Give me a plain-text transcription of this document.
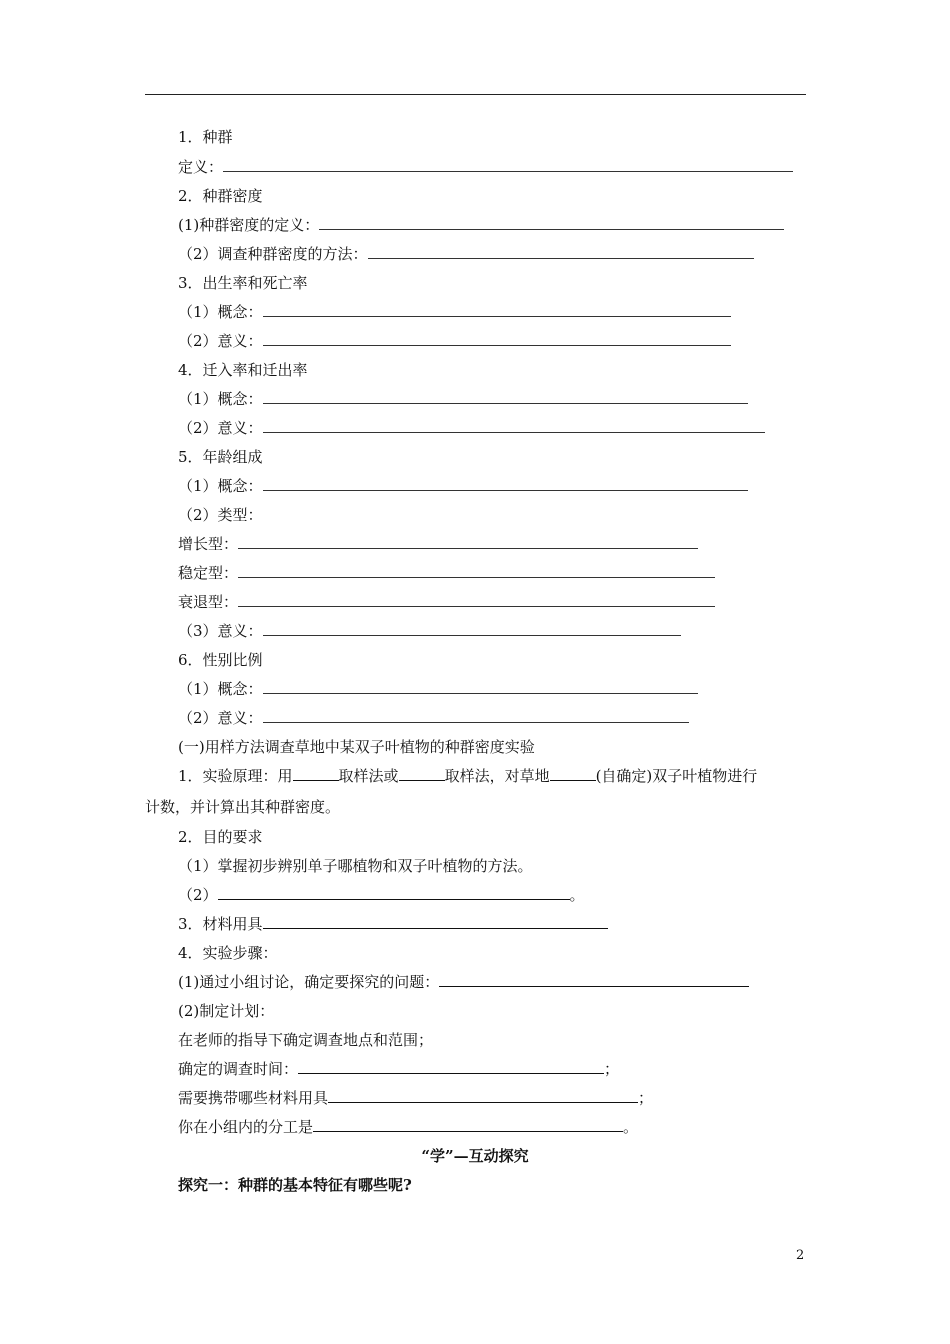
1．种群
定义：
2．种群密度
(1)种群密度的定义：
（2）调查种群密度的方法：
3．出生率和死亡率
（1）概念：
（2）意义：
4．迁入率和迁出率
（1）概念：
（2）意义：
5．年龄组成
（1）概念：
（2）类型：
增长型：
稳定型：
衰退型：
（3）意义：
6．性别比例
（1）概念：
（2）意义：
(一)用样方法调查草地中某双子叶植物的种群密度实验
1．实验原理：用	取样法或	取样法，对草地	(自确定)双子叶植物进行
计数，并计算出其种群密度。
2．目的要求
（1）掌握初步辨别单子哪植物和双子叶植物的方法。
（2）	。
3．材料用具
4．实验步骤：
(1)通过小组讨论，确定要探究的问题：
(2)制定计划：
在老师的指导下确定调查地点和范围；
确定的调查时间：	；
需要携带哪些材料用具	；
你在小组内的分工是	。
“学”—互动探究
探究一：种群的基本特征有哪些呢?
2
